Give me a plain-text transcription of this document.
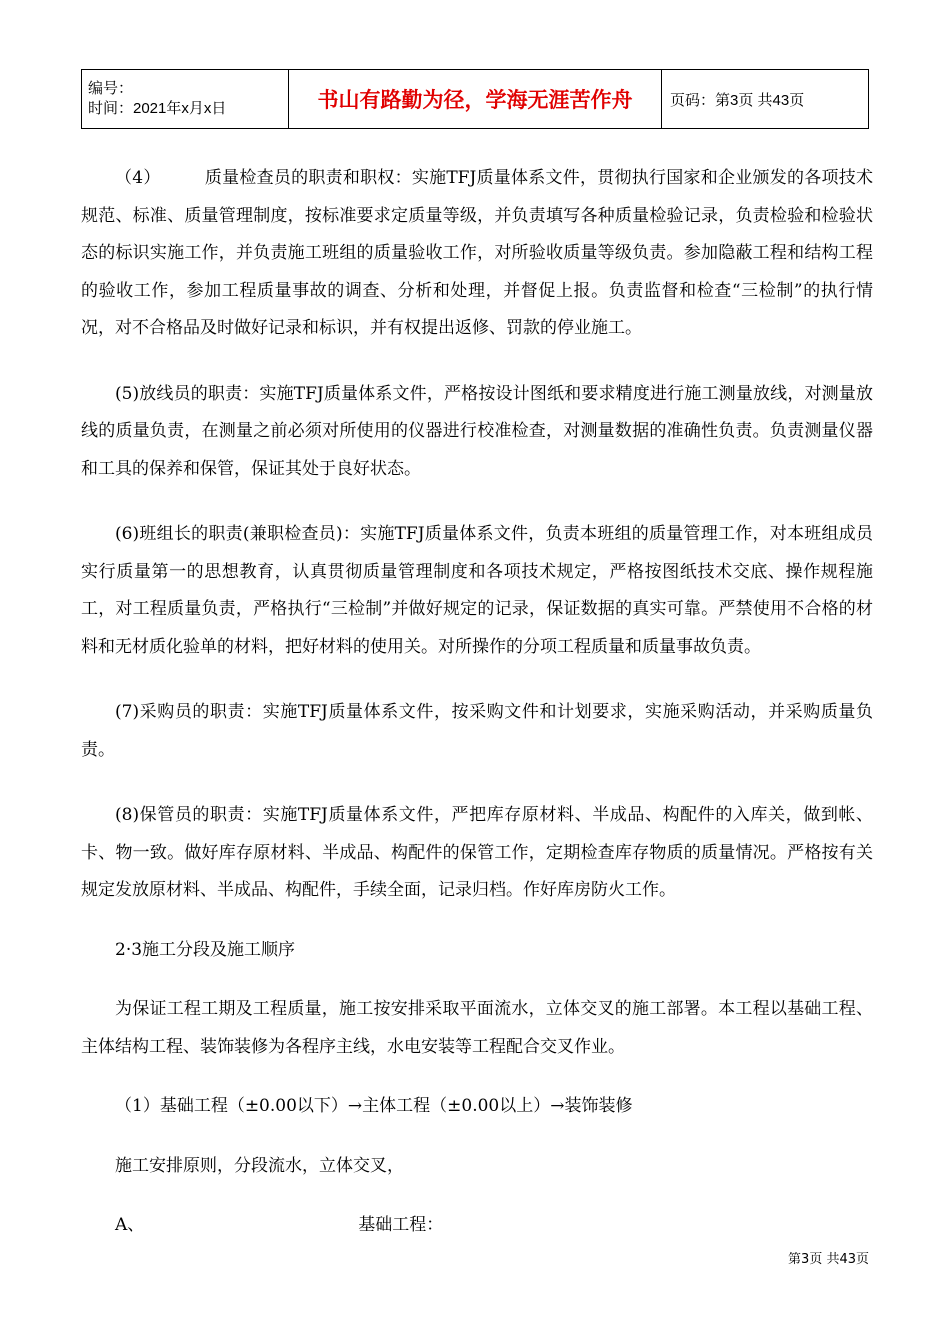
编号：
时间：2021年x月x日	书山有路勤为径，学海无涯苦作舟	页码：第3页 共43页

（4）	质量检查员的职责和职权：实施TFJ质量体系文件，贯彻执行国家和企业颁发的各项技术规范、标准、质量管理制度，按标准要求定质量等级，并负责填写各种质量检验记录，负责检验和检验状态的标识实施工作，并负责施工班组的质量验收工作，对所验收质量等级负责。参加隐蔽工程和结构工程的验收工作，参加工程质量事故的调查、分析和处理，并督促上报。负责监督和检查“三检制”的执行情况，对不合格品及时做好记录和标识，并有权提出返修、罚款的停业施工。

(5)放线员的职责：实施TFJ质量体系文件，严格按设计图纸和要求精度进行施工测量放线，对测量放线的质量负责，在测量之前必须对所使用的仪器进行校准检查，对测量数据的准确性负责。负责测量仪器和工具的保养和保管，保证其处于良好状态。

(6)班组长的职责(兼职检查员)：实施TFJ质量体系文件，负责本班组的质量管理工作，对本班组成员实行质量第一的思想教育，认真贯彻质量管理制度和各项技术规定，严格按图纸技术交底、操作规程施工，对工程质量负责，严格执行“三检制”并做好规定的记录，保证数据的真实可靠。严禁使用不合格的材料和无材质化验单的材料，把好材料的使用关。对所操作的分项工程质量和质量事故负责。

(7)采购员的职责：实施TFJ质量体系文件，按采购文件和计划要求，实施采购活动，并采购质量负责。

(8)保管员的职责：实施TFJ质量体系文件，严把库存原材料、半成品、构配件的入库关，做到帐、卡、物一致。做好库存原材料、半成品、构配件的保管工作，定期检查库存物质的质量情况。严格按有关规定发放原材料、半成品、构配件，手续全面，记录归档。作好库房防火工作。

2·3施工分段及施工顺序

为保证工程工期及工程质量，施工按安排采取平面流水，立体交叉的施工部署。本工程以基础工程、主体结构工程、装饰装修为各程序主线，水电安装等工程配合交叉作业。

（1）基础工程（±0.00以下）→主体工程（±0.00以上）→装饰装修

施工安排原则，分段流水，立体交叉，

A、	基础工程：

第3页 共43页
